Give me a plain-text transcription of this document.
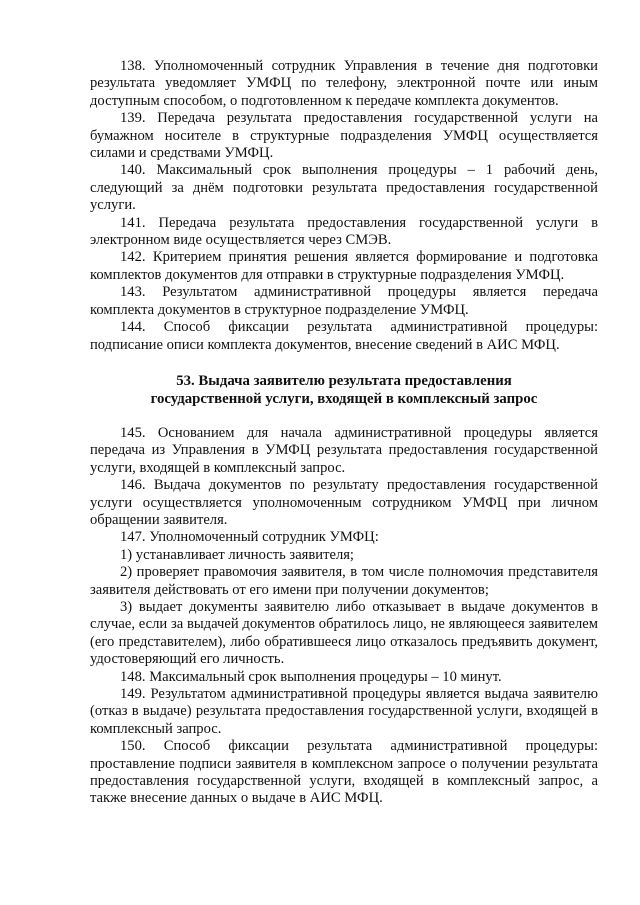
138. Уполномоченный сотрудник Управления в течение дня подготовки результата уведомляет УМФЦ по телефону, электронной почте или иным доступным способом, о подготовленном к передаче комплекта документов.

139. Передача результата предоставления государственной услуги на бумажном носителе в структурные подразделения УМФЦ осуществляется силами и средствами УМФЦ.

140. Максимальный срок выполнения процедуры – 1 рабочий день, следующий за днём подготовки результата предоставления государственной услуги.

141. Передача результата предоставления государственной услуги в электронном виде осуществляется через СМЭВ.

142. Критерием принятия решения является формирование и подготовка комплектов документов для отправки в структурные подразделения УМФЦ.

143. Результатом административной процедуры является передача комплекта документов в структурное подразделение УМФЦ.

144. Способ фиксации результата административной процедуры: подписание описи комплекта документов, внесение сведений в АИС МФЦ.

53. Выдача заявителю результата предоставления

государственной услуги, входящей в комплексный запрос

145. Основанием для начала административной процедуры является передача из Управления в УМФЦ результата предоставления государственной услуги, входящей в комплексный запрос.

146. Выдача документов по результату предоставления государственной услуги осуществляется уполномоченным сотрудником УМФЦ при личном обращении заявителя.

147. Уполномоченный сотрудник УМФЦ:

1) устанавливает личность заявителя;

2) проверяет правомочия заявителя, в том числе полномочия представителя заявителя действовать от его имени при получении документов;

3) выдает документы заявителю либо отказывает в выдаче документов в случае, если за выдачей документов обратилось лицо, не являющееся заявителем (его представителем), либо обратившееся лицо отказалось предъявить документ, удостоверяющий его личность.

148. Максимальный срок выполнения процедуры – 10 минут.

149. Результатом административной процедуры является выдача заявителю (отказ в выдаче) результата предоставления государственной услуги, входящей в комплексный запрос.

150. Способ фиксации результата административной процедуры: проставление подписи заявителя в комплексном запросе о получении результата предоставления государственной услуги, входящей в комплексный запрос, а также внесение данных о выдаче в АИС МФЦ.
